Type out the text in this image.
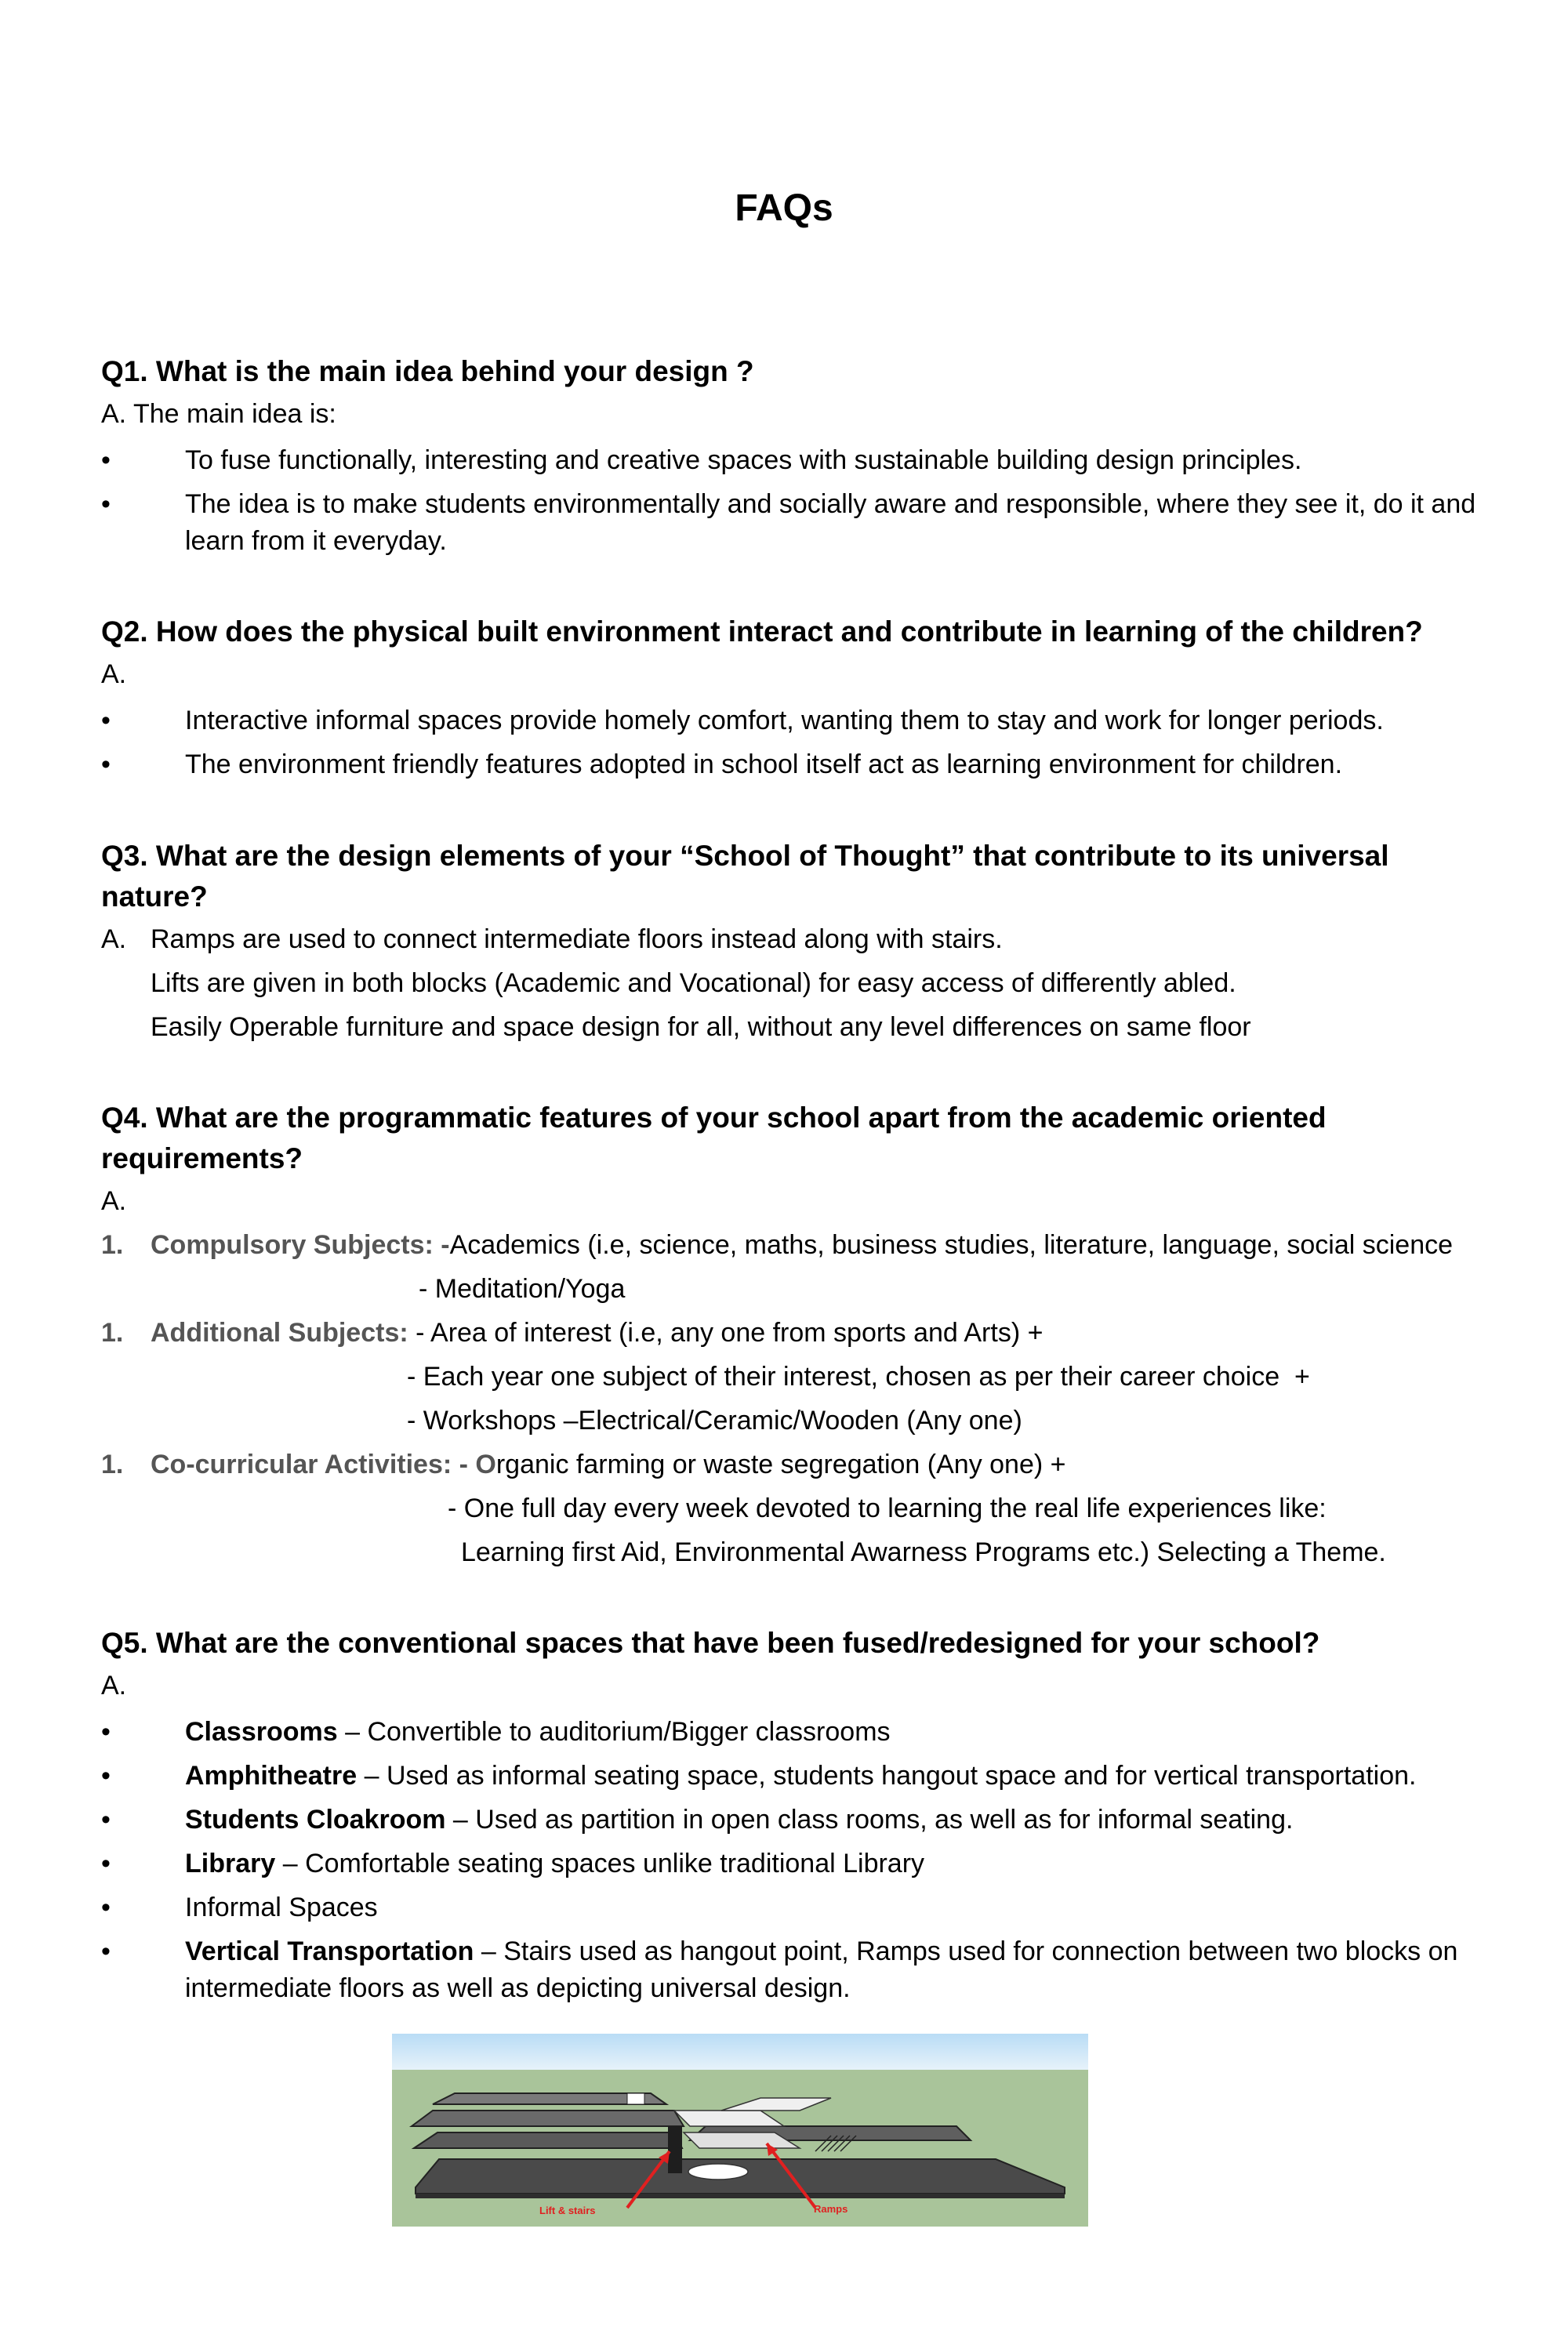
FAQs

Q1. What is the main idea behind your design ?

A. The main idea is:

•	To fuse functionally, interesting and creative spaces with sustainable building design principles.
•	The idea is to make students environmentally and socially aware and responsible, where they see it, do it and learn from it everyday.

Q2. How does the physical built environment interact and contribute in learning of the children?

A.

•	Interactive informal spaces provide homely comfort, wanting them to stay and work for longer periods.
•	The environment friendly features adopted in school itself act as learning environment for children.

Q3. What are the design elements of your “School of Thought” that contribute to its universal nature?

A. Ramps are used to connect intermediate floors instead along with stairs.

Lifts are given in both blocks (Academic and Vocational) for easy access of differently abled.

Easily Operable furniture and space design for all, without any level differences on same floor

Q4. What are the programmatic features of your school apart from the academic oriented requirements?

A.

1. Compulsory Subjects: -Academics (i.e, science, maths, business studies, literature, language, social science

- Meditation/Yoga

1. Additional Subjects: - Area of interest (i.e, any one from sports and Arts) +

- Each year one subject of their interest, chosen as per their career choice  +

- Workshops –Electrical/Ceramic/Wooden (Any one)

1. Co-curricular Activities: - Organic farming or waste segregation (Any one) +

- One full day every week devoted to learning the real life experiences like:

Learning first Aid, Environmental Awarness Programs etc.) Selecting a Theme.

Q5. What are the conventional spaces that have been fused/redesigned for your school?

A.

•	Classrooms – Convertible to auditorium/Bigger classrooms
•	Amphitheatre – Used as informal seating space, students hangout space and for vertical transportation.
•	Students Cloakroom – Used as partition in open class rooms, as well as for informal seating.
•	Library – Comfortable seating spaces unlike traditional Library
•	Informal Spaces
•	Vertical Transportation – Stairs used as hangout point, Ramps used for connection between two blocks on intermediate floors as well as depicting universal design.
Lift & stairs	Ramps
